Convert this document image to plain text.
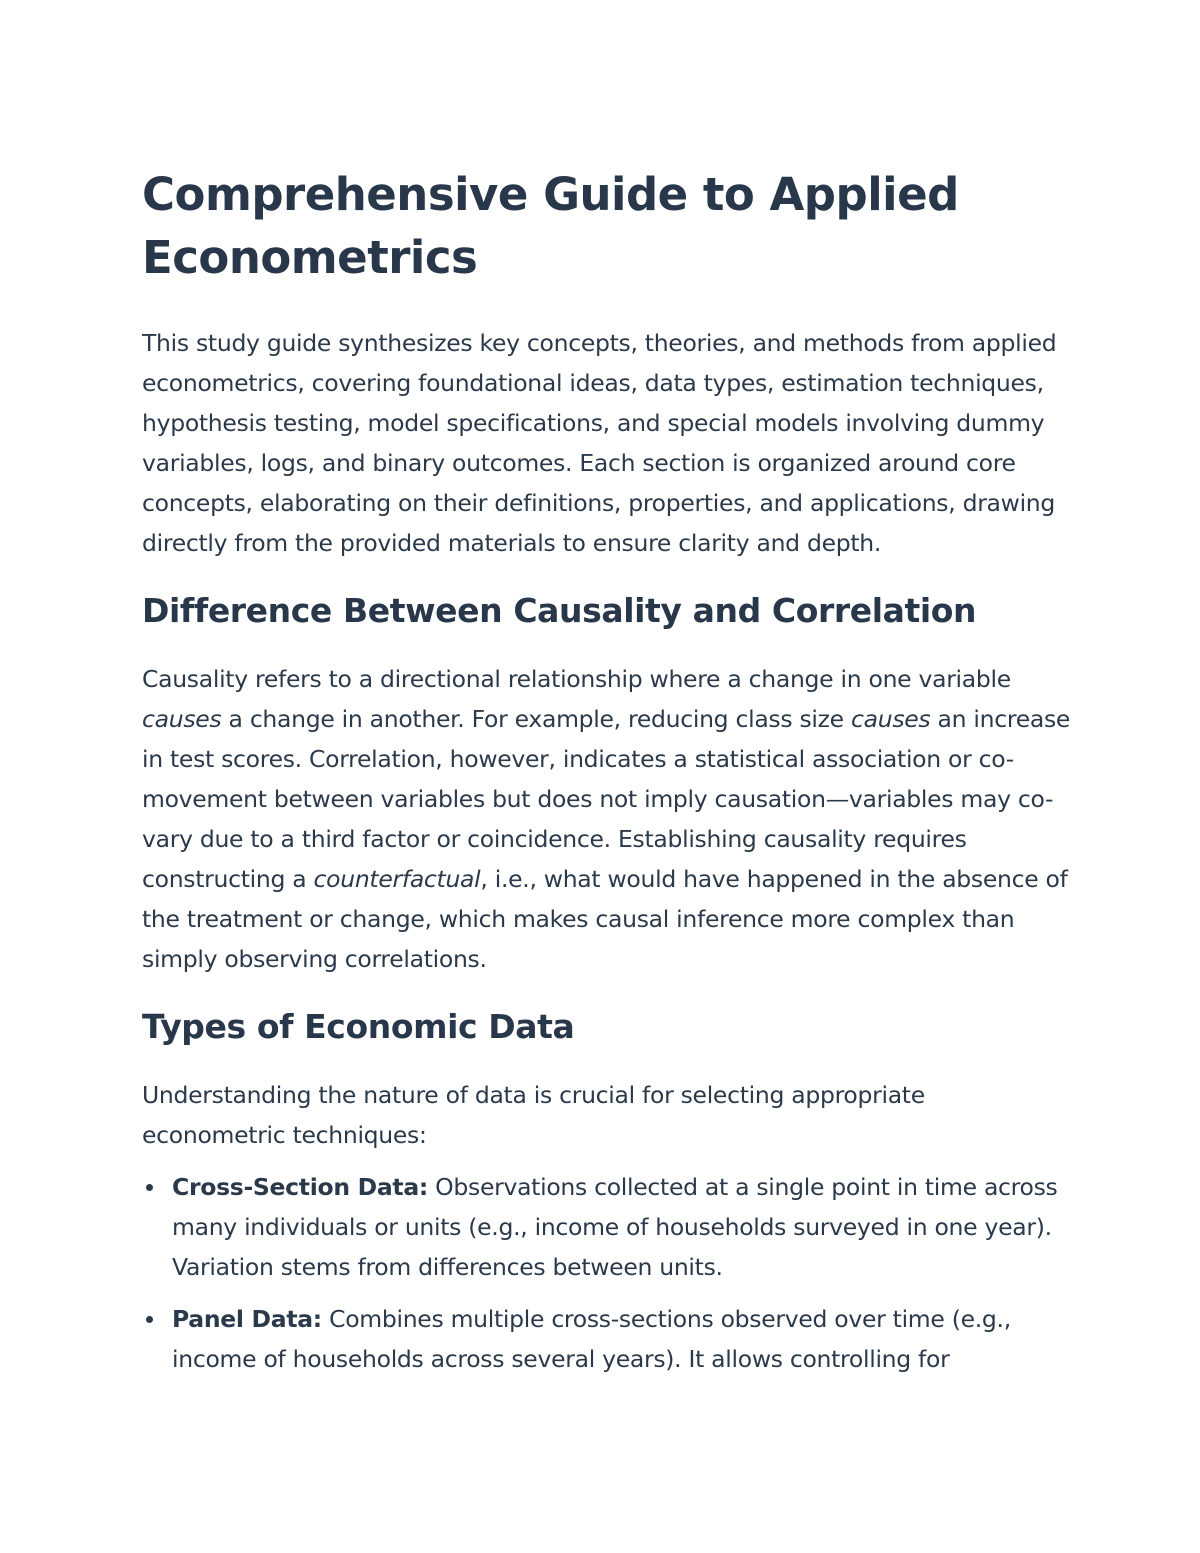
Comprehensive Guide to Applied Econometrics

This study guide synthesizes key concepts, theories, and methods from applied econometrics, covering foundational ideas, data types, estimation techniques, hypothesis testing, model specifications, and special models involving dummy variables, logs, and binary outcomes. Each section is organized around core concepts, elaborating on their definitions, properties, and applications, drawing directly from the provided materials to ensure clarity and depth.

Difference Between Causality and Correlation

Causality refers to a directional relationship where a change in one variable causes a change in another. For example, reducing class size causes an increase in test scores. Correlation, however, indicates a statistical association or co-movement between variables but does not imply causation—variables may co-vary due to a third factor or coincidence. Establishing causality requires constructing a counterfactual, i.e., what would have happened in the absence of the treatment or change, which makes causal inference more complex than simply observing correlations.

Types of Economic Data

Understanding the nature of data is crucial for selecting appropriate econometric techniques:

Cross-Section Data: Observations collected at a single point in time across many individuals or units (e.g., income of households surveyed in one year). Variation stems from differences between units.
Panel Data: Combines multiple cross-sections observed over time (e.g., income of households across several years). It allows controlling for
